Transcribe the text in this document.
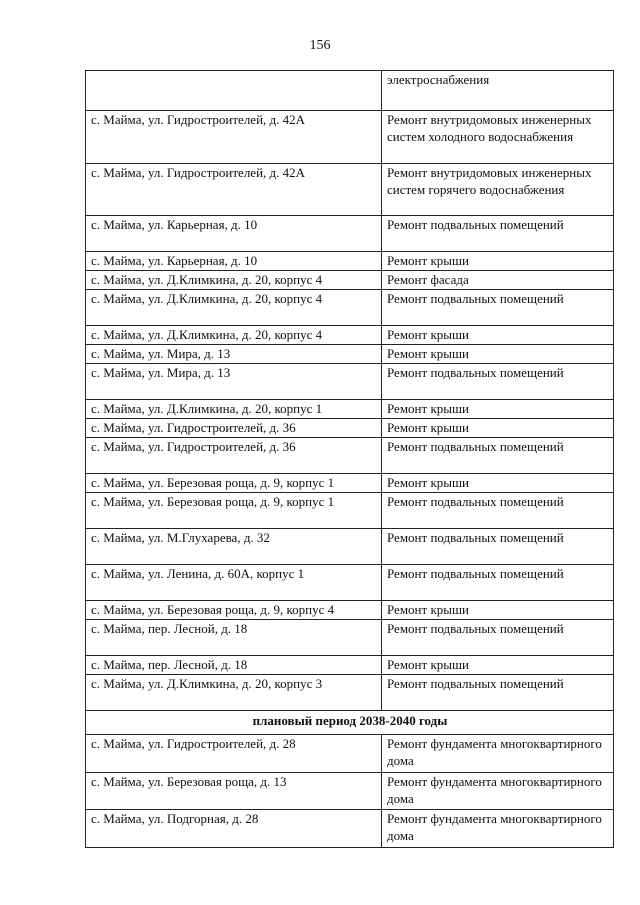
156
	электроснабжения
с. Майма, ул. Гидростроителей, д. 42А	Ремонт внутридомовых инженерных систем холодного водоснабжения
с. Майма, ул. Гидростроителей, д. 42А	Ремонт внутридомовых инженерных систем горячего водоснабжения
с. Майма, ул. Карьерная, д. 10	Ремонт подвальных помещений
с. Майма, ул. Карьерная, д. 10	Ремонт крыши
с. Майма, ул. Д.Климкина, д. 20, корпус 4	Ремонт фасада
с. Майма, ул. Д.Климкина, д. 20, корпус 4	Ремонт подвальных помещений
с. Майма, ул. Д.Климкина, д. 20, корпус 4	Ремонт крыши
с. Майма, ул. Мира, д. 13	Ремонт крыши
с. Майма, ул. Мира, д. 13	Ремонт подвальных помещений
с. Майма, ул. Д.Климкина, д. 20, корпус 1	Ремонт крыши
с. Майма, ул. Гидростроителей, д. 36	Ремонт крыши
с. Майма, ул. Гидростроителей, д. 36	Ремонт подвальных помещений
с. Майма, ул. Березовая роща, д. 9, корпус 1	Ремонт крыши
с. Майма, ул. Березовая роща, д. 9, корпус 1	Ремонт подвальных помещений
с. Майма, ул. М.Глухарева, д. 32	Ремонт подвальных помещений
с. Майма, ул. Ленина, д. 60А, корпус 1	Ремонт подвальных помещений
с. Майма, ул. Березовая роща, д. 9, корпус 4	Ремонт крыши
с. Майма, пер. Лесной, д. 18	Ремонт подвальных помещений
с. Майма, пер. Лесной, д. 18	Ремонт крыши
с. Майма, ул. Д.Климкина, д. 20, корпус 3	Ремонт подвальных помещений
плановый период 2038-2040 годы	
с. Майма, ул. Гидростроителей, д. 28	Ремонт фундамента многоквартирного дома
с. Майма, ул. Березовая роща, д. 13	Ремонт фундамента многоквартирного дома
с. Майма, ул. Подгорная, д. 28	Ремонт фундамента многоквартирного дома
